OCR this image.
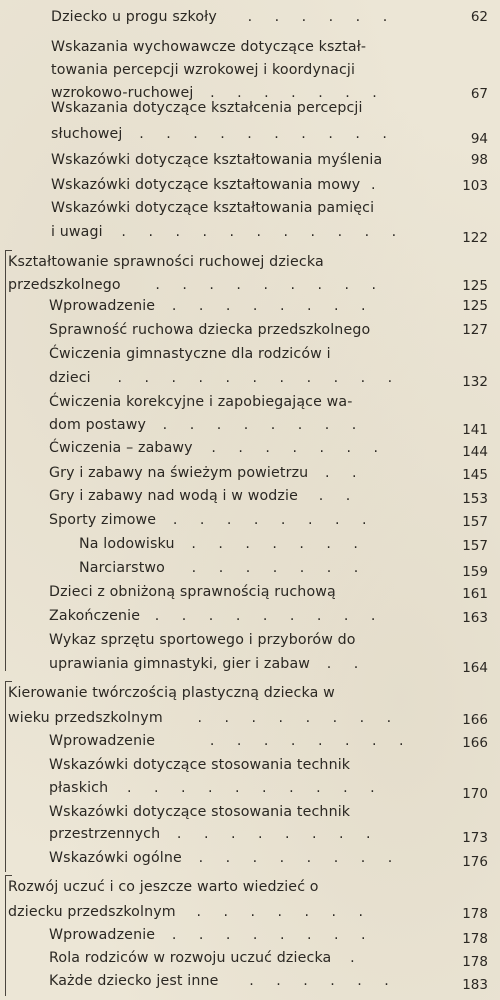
Dziecko u progu szkoły . . . . . .	62
Wskazania wychowawcze dotyczące kształ-
towania percepcji wzrokowej i koordynacji
wzrokowo-ruchowej . . . . . . .	67
Wskazania dotyczące kształcenia percepcji
słuchowej . . . . . . . . . .	94
Wskazówki dotyczące kształtowania myślenia	98
Wskazówki dotyczące kształtowania mowy .	103
Wskazówki dotyczące kształtowania pamięci
i uwagi . . . . . . . . . . .	122
Kształtowanie sprawności ruchowej dziecka
przedszkolnego . . . . . . . . .	125
Wprowadzenie . . . . . . . .	125
Sprawność ruchowa dziecka przedszkolnego	127
Ćwiczenia gimnastyczne dla rodziców i
dzieci . . . . . . . . . . .	132
Ćwiczenia korekcyjne i zapobiegające wa-
dom postawy . . . . . . . .	141
Ćwiczenia – zabawy . . . . . . .	144
Gry i zabawy na świeżym powietrzu . .	145
Gry i zabawy nad wodą i w wodzie . .	153
Sporty zimowe . . . . . . . .	157
Na lodowisku . . . . . . .	157
Narciarstwo . . . . . . .	159
Dzieci z obniżoną sprawnością ruchową	161
Zakończenie . . . . . . . . .	163
Wykaz sprzętu sportowego i przyborów do
uprawiania gimnastyki, gier i zabaw . .	164
Kierowanie twórczością plastyczną dziecka w
wieku przedszkolnym . . . . . . . .	166
Wprowadzenie	. . . . . . . .	166
Wskazówki dotyczące stosowania technik
płaskich . . . . . . . . . .	170
Wskazówki dotyczące stosowania technik
przestrzennych . . . . . . . .	173
Wskazówki ogólne . . . . . . . .	176
Rozwój uczuć i co jeszcze warto wiedzieć o
dziecku przedszkolnym . . . . . . .	178
Wprowadzenie . . . . . . . .	178
Rola rodziców w rozwoju uczuć dziecka .	178
Każde dziecko jest inne . . . . . .	183
